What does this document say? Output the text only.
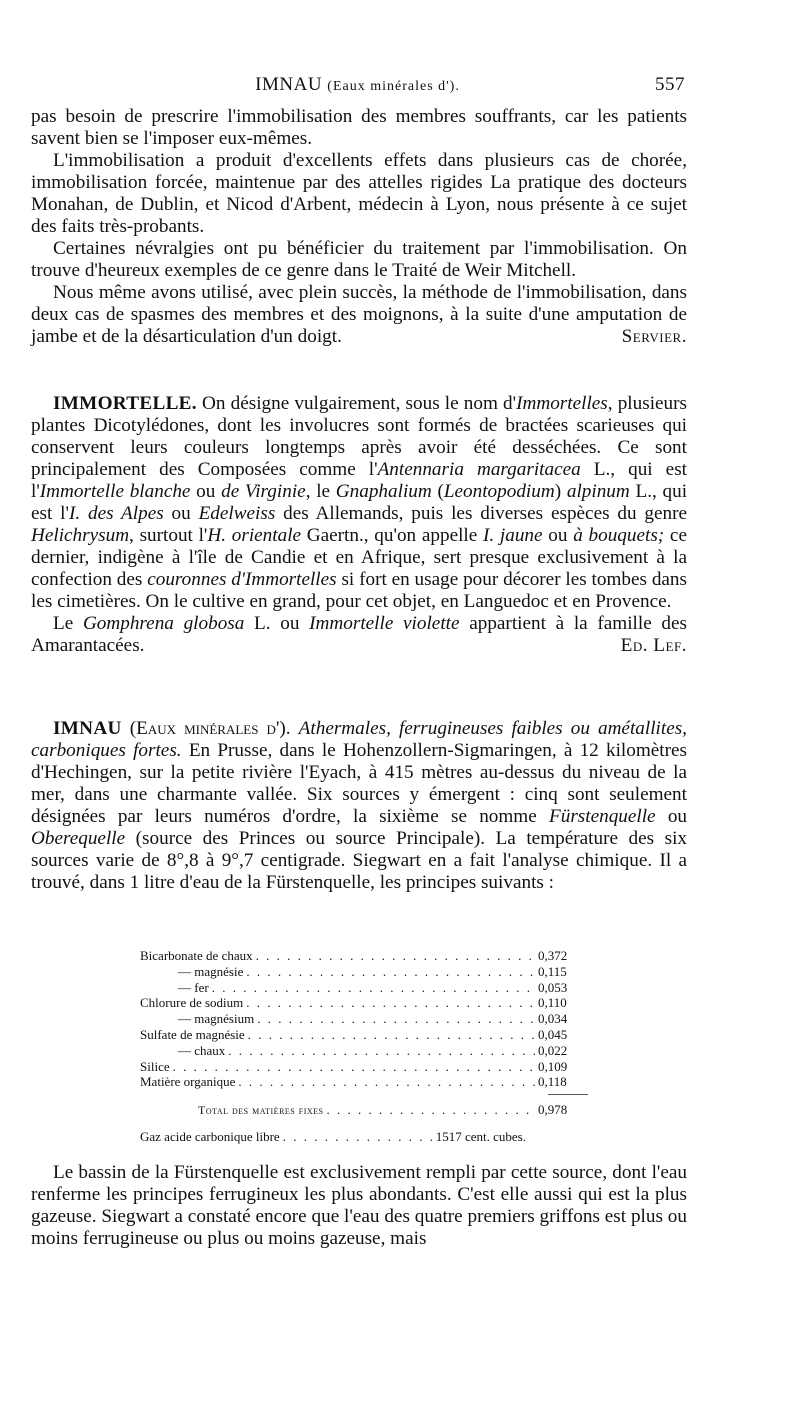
IMNAU (Eaux minérales d').	557

pas besoin de prescrire l'immobilisation des membres souffrants, car les patients savent bien se l'imposer eux-mêmes.

L'immobilisation a produit d'excellents effets dans plusieurs cas de chorée, immobilisation forcée, maintenue par des attelles rigides La pratique des docteurs Monahan, de Dublin, et Nicod d'Arbent, médecin à Lyon, nous présente à ce sujet des faits très-probants.

Certaines névralgies ont pu bénéficier du traitement par l'immobilisation. On trouve d'heureux exemples de ce genre dans le Traité de Weir Mitchell.

Nous même avons utilisé, avec plein succès, la méthode de l'immobilisation, dans deux cas de spasmes des membres et des moignons, à la suite d'une amputation de jambe et de la désarticulation d'un doigt.	Servier.

IMMORTELLE. On désigne vulgairement, sous le nom d'Immortelles, plusieurs plantes Dicotylédones, dont les involucres sont formés de bractées scarieuses qui conservent leurs couleurs longtemps après avoir été desséchées. Ce sont principalement des Composées comme l'Antennaria margaritacea L., qui est l'Immortelle blanche ou de Virginie, le Gnaphalium (Leontopodium) alpinum L., qui est l'I. des Alpes ou Edelweiss des Allemands, puis les diverses espèces du genre Helichrysum, surtout l'H. orientale Gaertn., qu'on appelle I. jaune ou à bouquets; ce dernier, indigène à l'île de Candie et en Afrique, sert presque exclusivement à la confection des couronnes d'Immortelles si fort en usage pour décorer les tombes dans les cimetières. On le cultive en grand, pour cet objet, en Languedoc et en Provence.

Le Gomphrena globosa L. ou Immortelle violette appartient à la famille des Amarantacées.	Ed. Lef.

IMNAU (Eaux minérales d'). Athermales, ferrugineuses faibles ou amétallites, carboniques fortes. En Prusse, dans le Hohenzollern-Sigmaringen, à 12 kilomètres d'Hechingen, sur la petite rivière l'Eyach, à 415 mètres au-dessus du niveau de la mer, dans une charmante vallée. Six sources y émergent : cinq sont seulement désignées par leurs numéros d'ordre, la sixième se nomme Fürstenquelle ou Oberequelle (source des Princes ou source Principale). La température des six sources varie de 8°,8 à 9°,7 centigrade. Siegwart en a fait l'analyse chimique. Il a trouvé, dans 1 litre d'eau de la Fürstenquelle, les principes suivants :

Bicarbonate de chaux . . .	0,372
— magnésie . . .	0,115
— fer . . .	0,053
Chlorure de sodium . . .	0,110
— magnésium . . .	0,034
Sulfate de magnésie . . .	0,045
— chaux . . .	0,022
Silice . . .	0,109
Matière organique . . .	0,118
Total des matières fixes . . .	0,978
Gaz acide carbonique libre . . .	1517 cent. cubes.

Le bassin de la Fürstenquelle est exclusivement rempli par cette source, dont l'eau renferme les principes ferrugineux les plus abondants. C'est elle aussi qui est la plus gazeuse. Siegwart a constaté encore que l'eau des quatre premiers griffons est plus ou moins ferrugineuse ou plus ou moins gazeuse, mais
